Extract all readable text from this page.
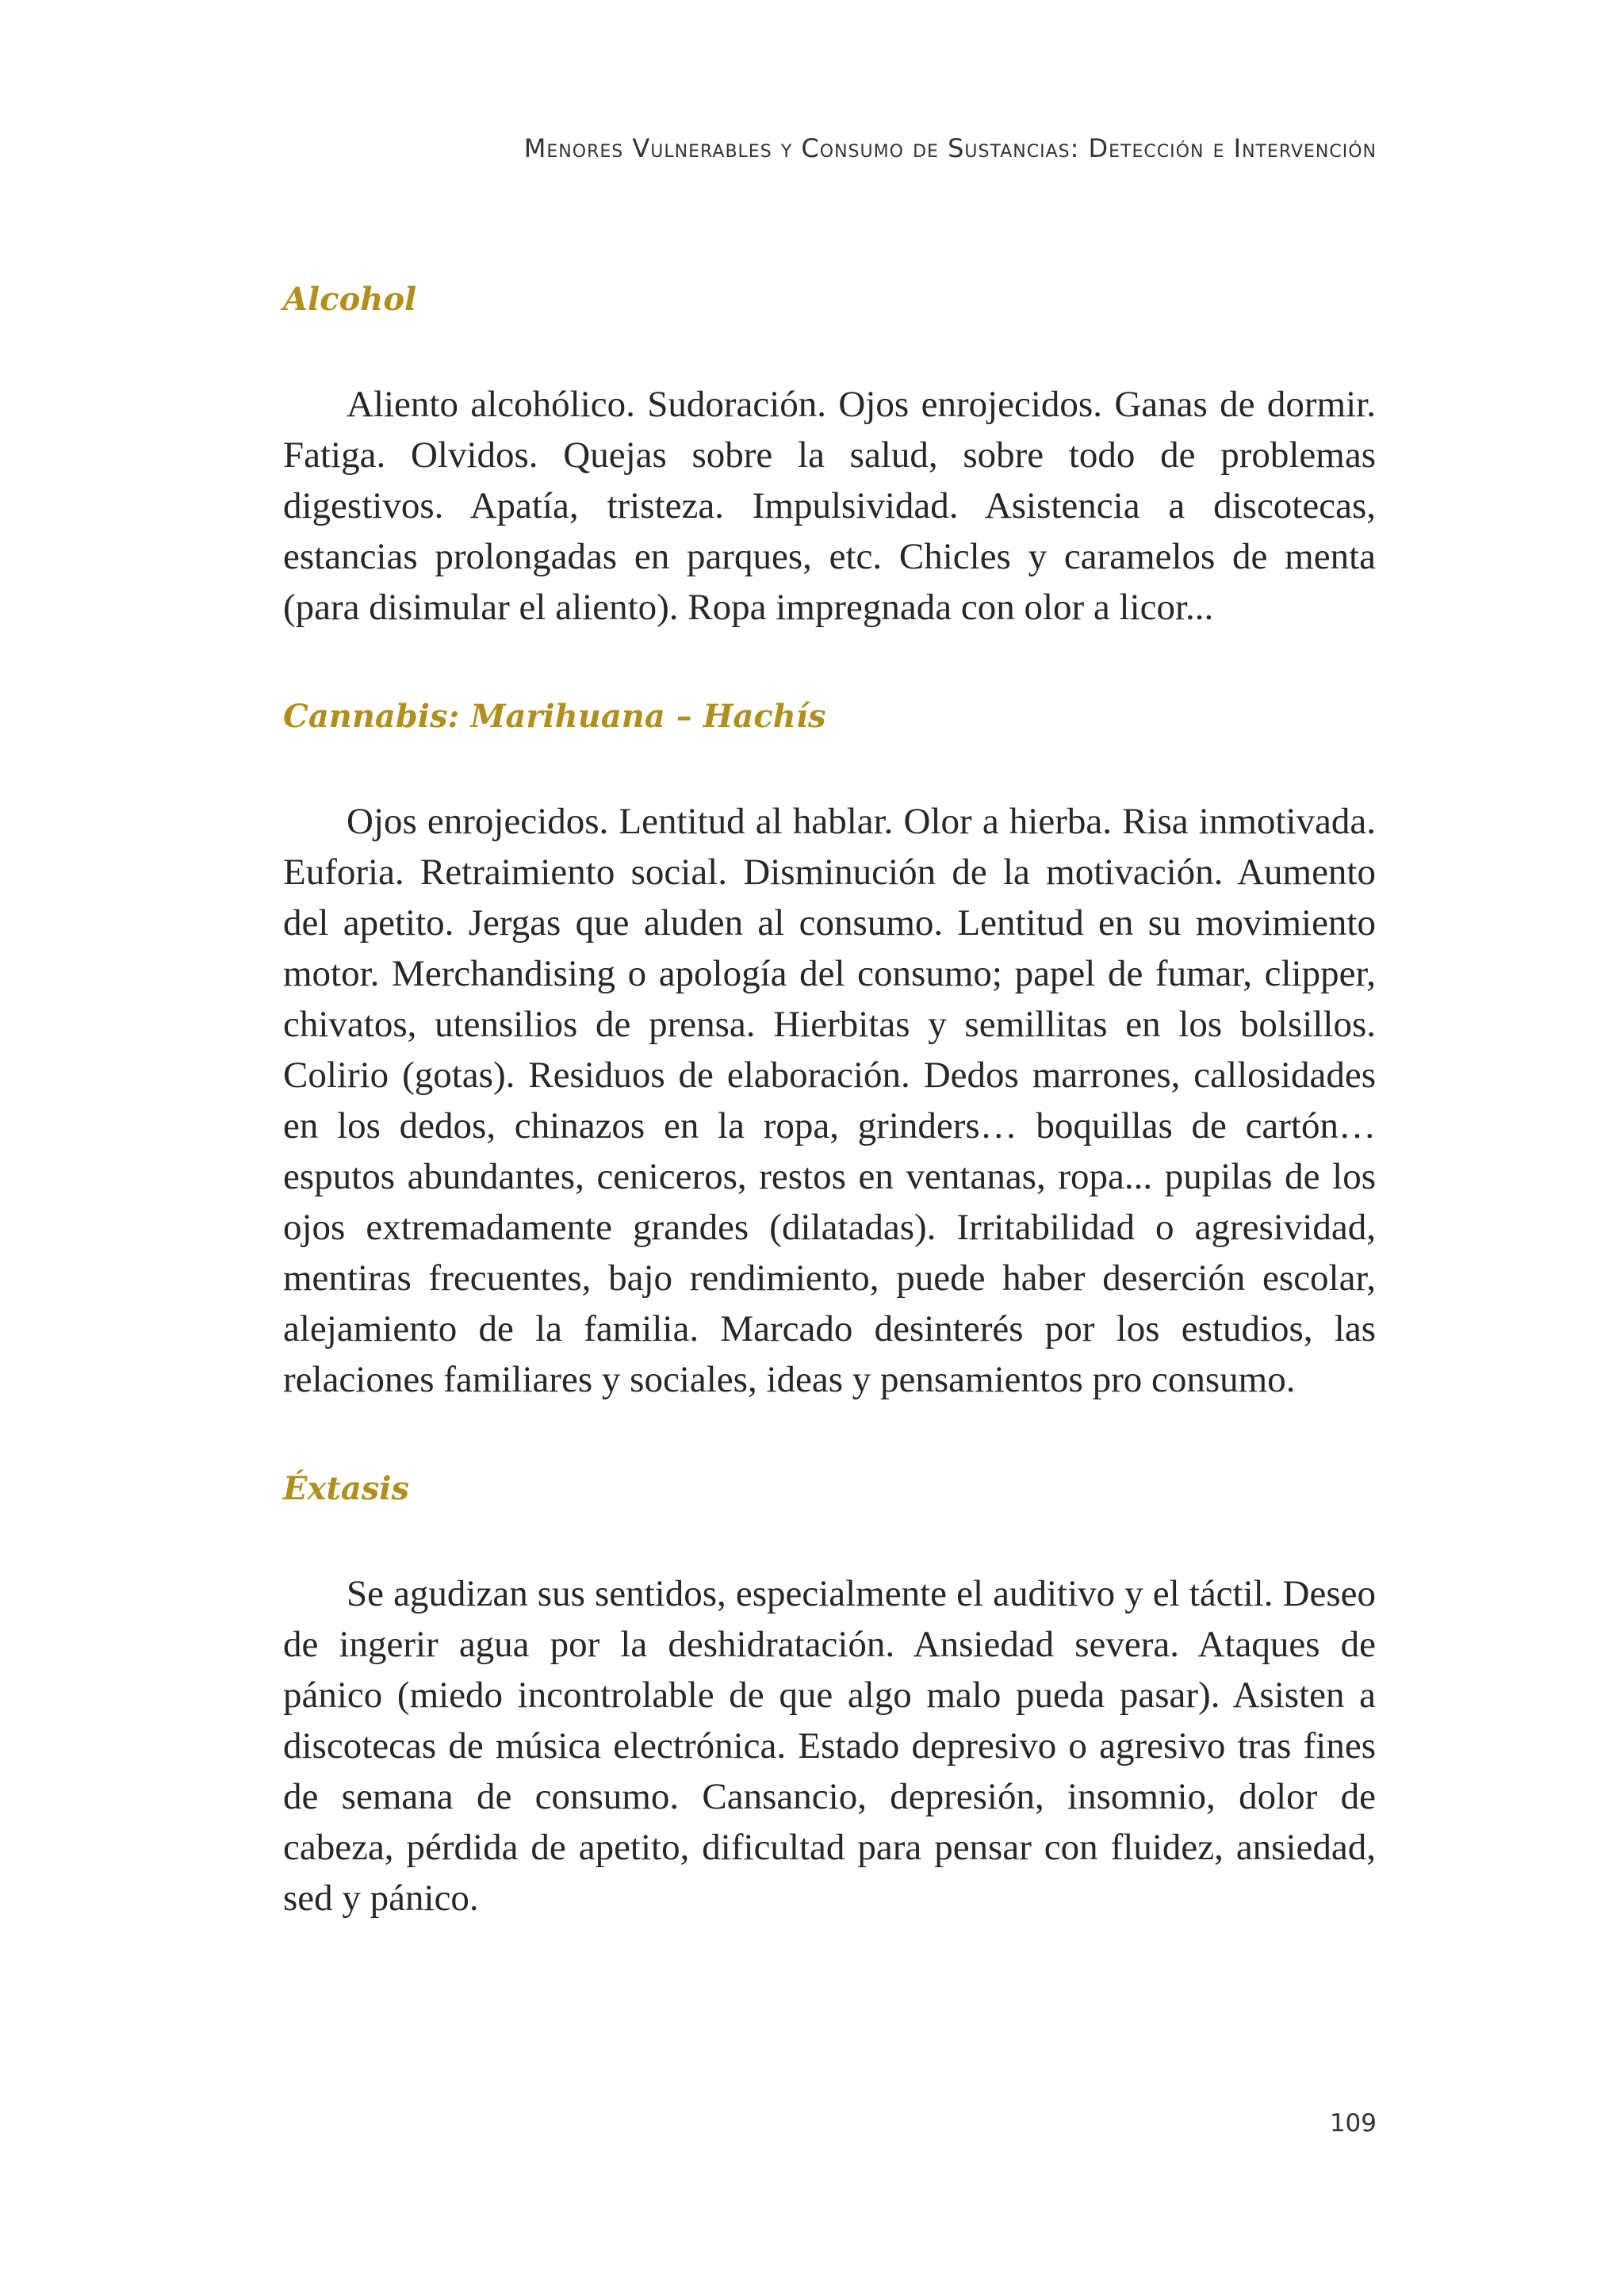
Menores Vulnerables y Consumo de Sustancias: Detección e Intervención
Alcohol

Aliento alcohólico. Sudoración. Ojos enrojecidos. Ganas de dormir. Fatiga. Olvidos. Quejas sobre la salud, sobre todo de problemas digestivos. Apatía, tristeza. Impulsividad. Asistencia a discotecas, estancias prolongadas en parques, etc. Chicles y caramelos de menta (para disimular el aliento). Ropa impregnada con olor a licor...

Cannabis: Marihuana – Hachís

Ojos enrojecidos. Lentitud al hablar. Olor a hierba. Risa inmotivada. Euforia. Retraimiento social. Disminución de la motivación. Aumento del apetito. Jergas que aluden al consumo. Lentitud en su movimiento motor. Merchandising o apología del consumo; papel de fumar, clipper, chivatos, utensilios de prensa. Hierbitas y semillitas en los bolsillos. Colirio (gotas). Residuos de elaboración. Dedos marrones, callosidades en los dedos, chinazos en la ropa, grinders… boquillas de cartón… esputos abundantes, ceniceros, restos en ventanas, ropa... pupilas de los ojos extremadamente grandes (dilatadas). Irritabilidad o agresividad, mentiras frecuentes, bajo rendimiento, puede haber deserción escolar, alejamiento de la familia. Marcado desinterés por los estudios, las relaciones familiares y sociales, ideas y pensamientos pro consumo.

Éxtasis

Se agudizan sus sentidos, especialmente el auditivo y el táctil. Deseo de ingerir agua por la deshidratación. Ansiedad severa. Ataques de pánico (miedo incontrolable de que algo malo pueda pasar). Asisten a discotecas de música electrónica. Estado depresivo o agresivo tras fines de semana de consumo. Cansancio, depresión, insomnio, dolor de cabeza, pérdida de apetito, dificultad para pensar con fluidez, ansiedad, sed y pánico.

109
